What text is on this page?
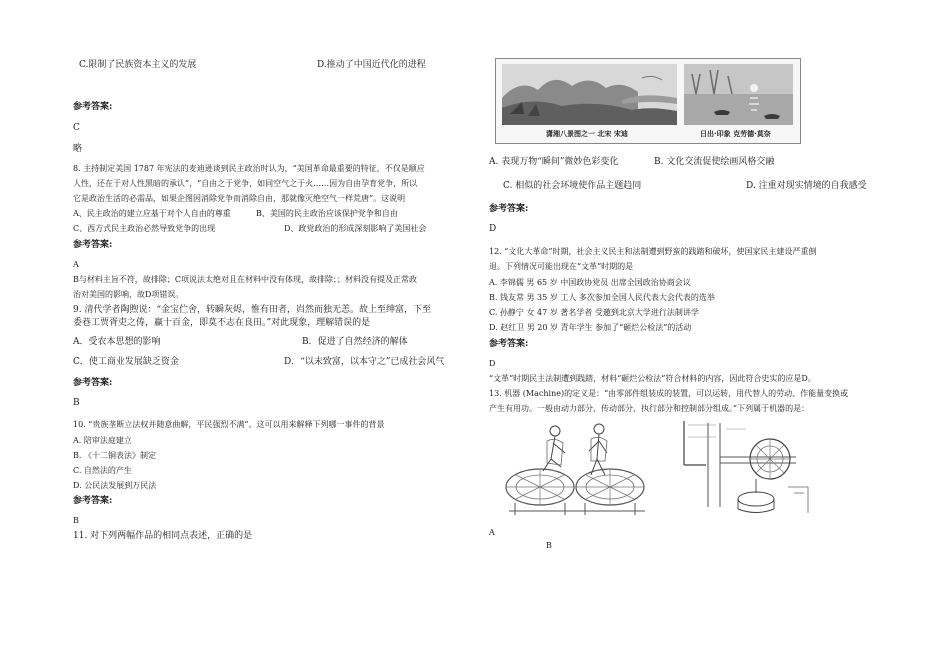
C.限制了民族资本主义的发展	D.推动了中国近代化的进程
参考答案:
C
略
8. 主持制定美国 1787 年宪法的麦迪逊谈到民主政治时认为，“美国革命最重要的特征，不仅是顺应
人性，还在于对人性黑暗的承认”，“自由之于党争，如同空气之于火……因为自由孕育党争，所以
它是政治生活的必需品，如果企图因消除党争而消除自由，那就像灭绝空气一样荒唐”。这说明
A、民主政治的建立应基于对个人自由的尊重	B、美国的民主政治应该保护党争和自由
C、西方式民主政治必然导致党争的出现	D、政党政治的形成深刻影响了美国社会
参考答案:
A
B与材料主旨不符，故排除；C项说法太绝对且在材料中没有体现，故排除；；材料没有提及正常政
治对美国的影响，故D项错误。
9. 清代学者陶煦说：“金宝伫舍，转瞬灰烬，惟有田者，岿然而独无恙。故上至绅富，下至
委巷工贾胥吏之俦，赢十百金，即莫不志在良田。”对此现象，理解错误的是
A．受农本思想的影响	B．促进了自然经济的解体
C．使工商业发展缺乏资金	D．“以末致富，以本守之”已成社会风气
参考答案:
B
10. “贵族垄断立法权并随意曲解，平民强烈不满”。这可以用来解释下列哪一事件的背景
A. 陪审法庭建立
B. 《十二铜表法》制定
C. 自然法的产生
D. 公民法发展到万民法
参考答案:
B
11. 对下列两幅作品的相同点表述，正确的是
潇湘八景图之一 北宋 宋迪	日出·印象 克劳德·莫奈
A. 表现万物“瞬间”微妙色彩变化	B. 文化交流促使绘画风格交融
C. 相似的社会环境使作品主题趋同	D. 注重对现实情境的自我感受
参考答案:
D
12. “文化大革命”时期，社会主义民主和法制遭到野蛮的践踏和破坏，使国家民主建设严重倒
退。下列情况可能出现在“文革”时期的是
A. 李锦儒 男 65 岁 中国政协党员 出席全国政治协商会议
B. 钱友常 男 35 岁 工人 多次参加全国人民代表大会代表的选举
C. 孙静宁 女 47 岁 著名学者 受邀到北京大学进行法制讲学
D. 赵红卫 男 20 岁 青年学生 参加了“砸烂公检法”的活动
参考答案:
D
“文革”时期民主法制遭到践踏，材料“砸烂公检法”符合材料的内容，因此符合史实的应是D。
13. 机器 (Machine)的定义是：“由零部件组装成的装置，可以运转，用代替人的劳动、作能量变换或
产生有用功。一般由动力部分、传动部分、执行部分和控制部分组成。”下列属于机器的是：
A
B
